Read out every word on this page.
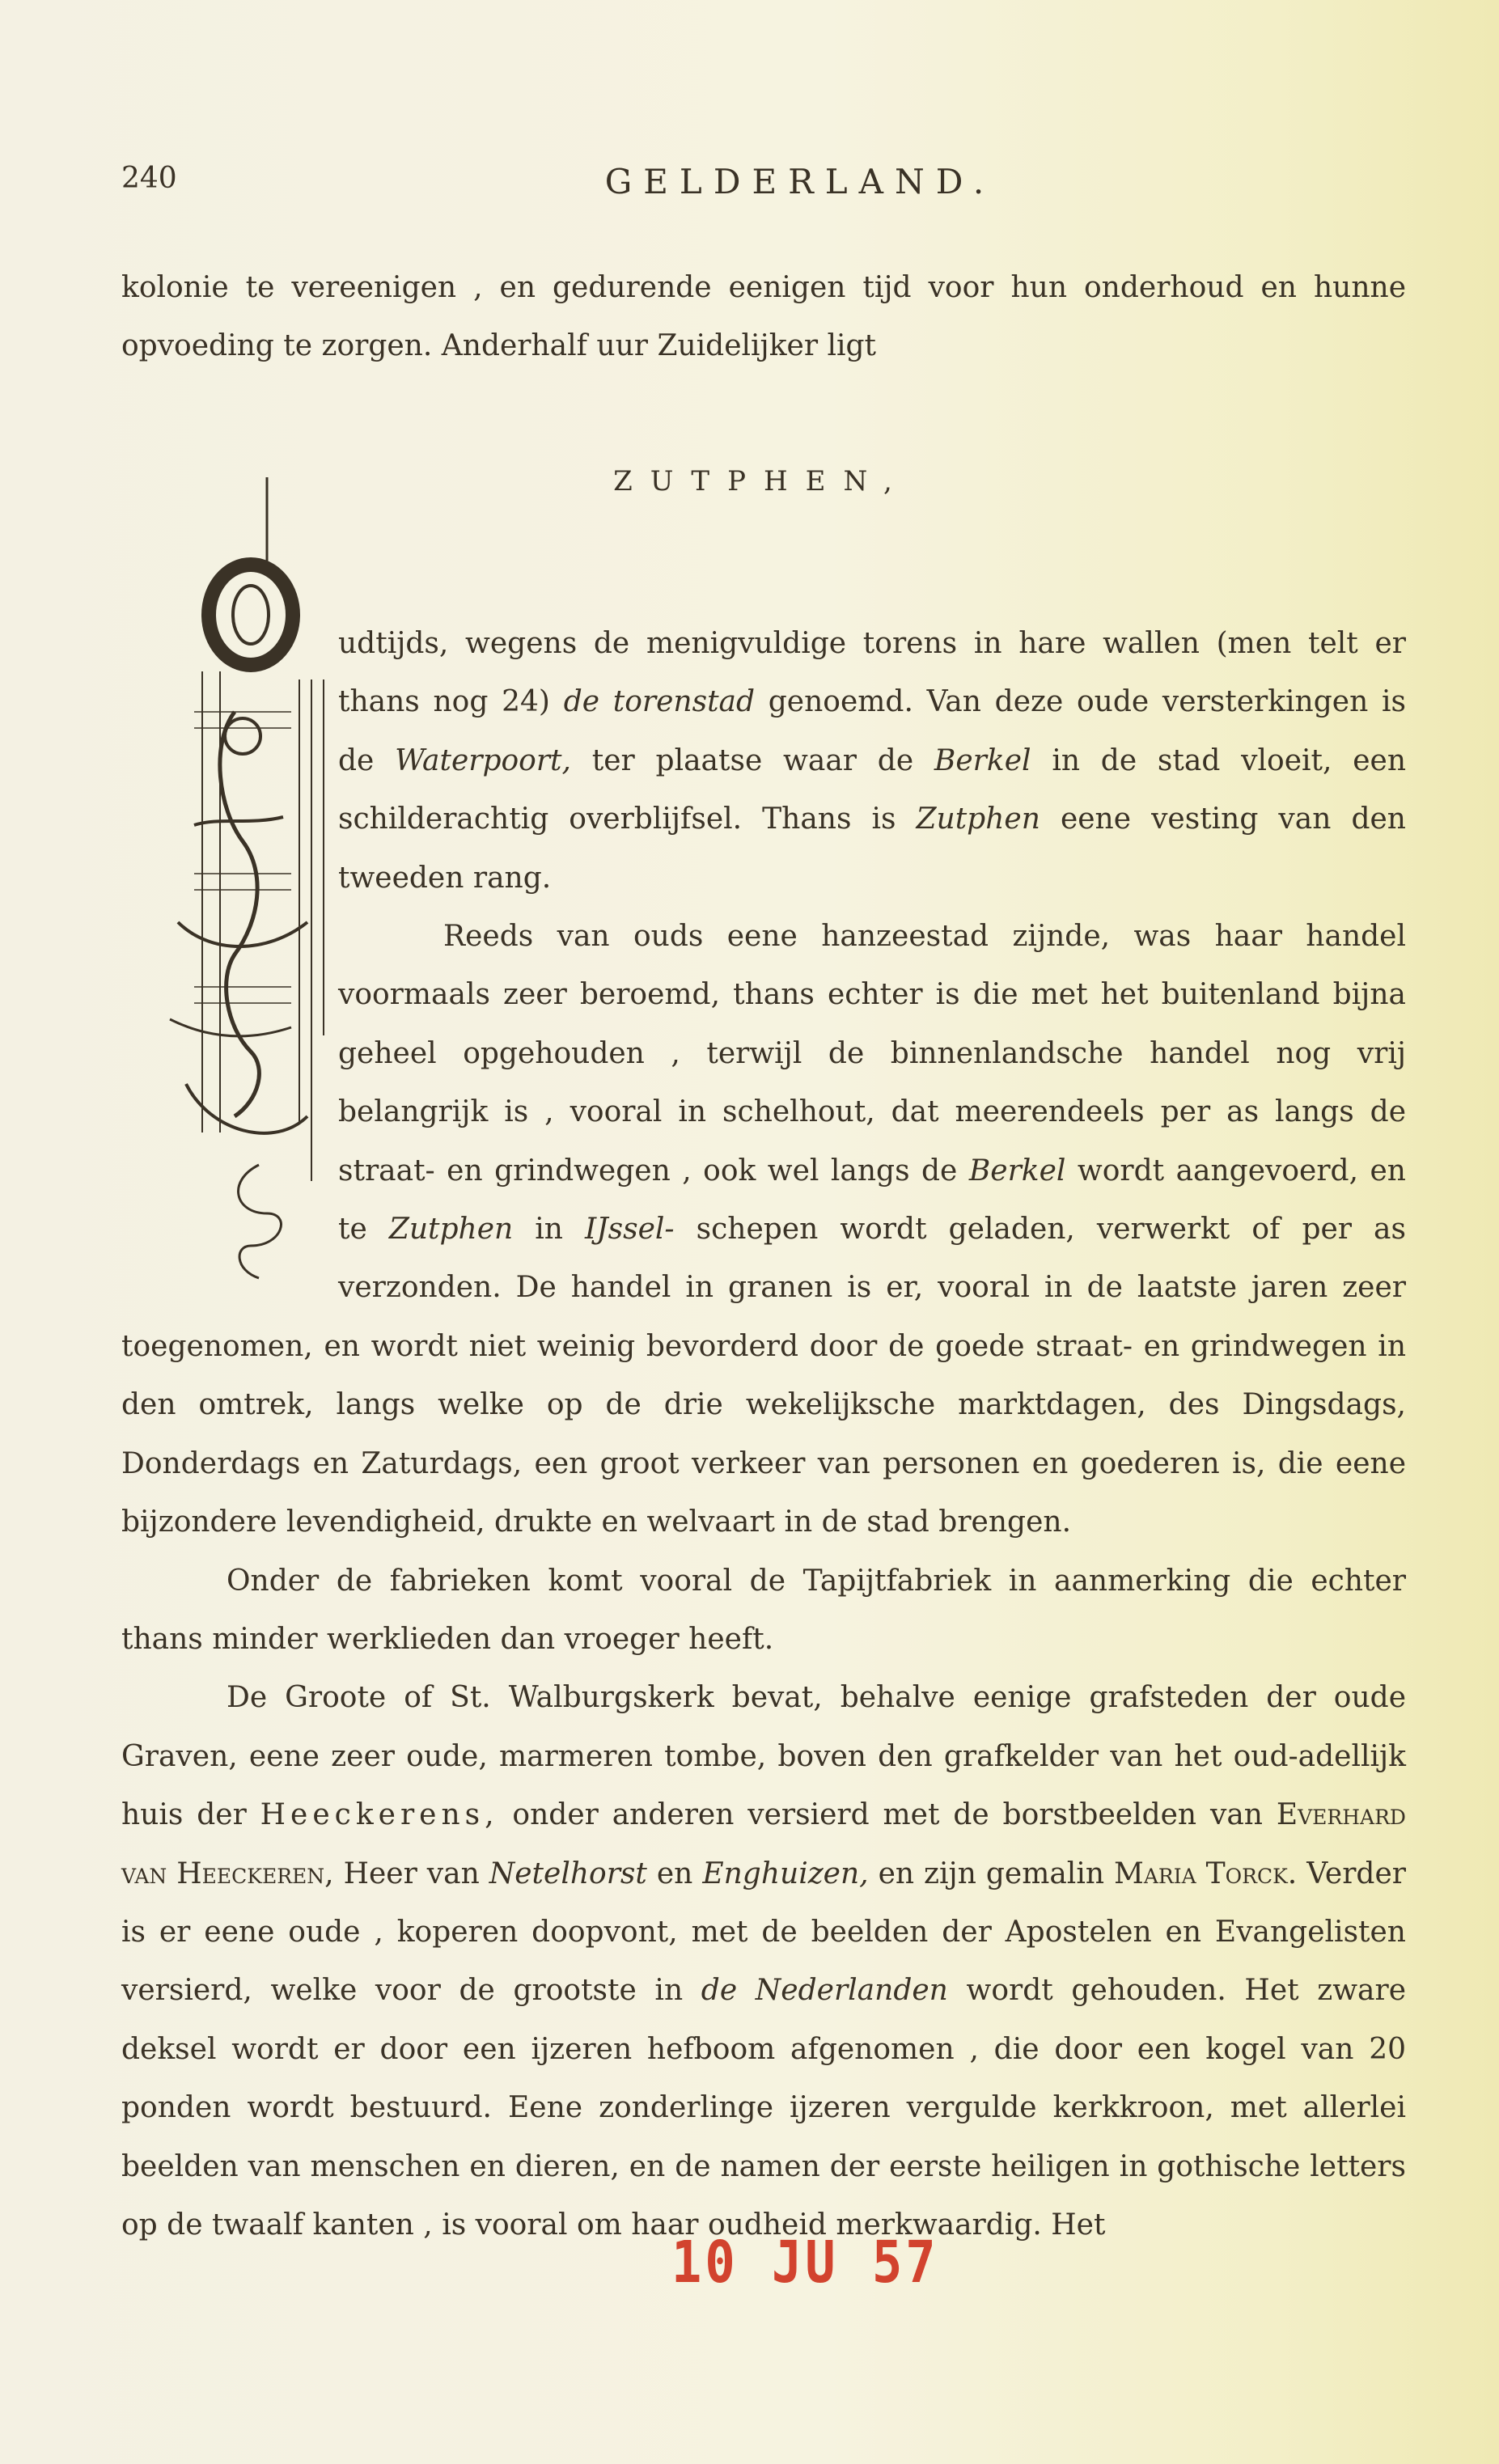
240	GELDERLAND.

kolonie te vereenigen , en gedurende eenigen tijd voor hun onderhoud en hunne opvoeding te zorgen. Anderhalf uur Zuidelijker ligt

ZUTPHEN,

udtijds, wegens de menigvuldige torens in hare wallen (men telt er thans nog 24) de torenstad genoemd. Van deze oude versterkingen is de Waterpoort, ter plaatse waar de Berkel in de stad vloeit, een schilderachtig overblijfsel. Thans is Zutphen eene vesting van den tweeden rang.

Reeds van ouds eene hanzeestad zijnde, was haar handel voormaals zeer beroemd, thans echter is die met het buitenland bijna geheel opgehouden , terwijl de binnenlandsche handel nog vrij belangrijk is , vooral in schelhout, dat meerendeels per as langs de straat- en grindwegen , ook wel langs de Berkel wordt aangevoerd, en te Zutphen in IJssel- schepen wordt geladen, verwerkt of per as verzonden. De handel in granen is er, vooral in de laatste jaren zeer toegenomen, en wordt niet weinig bevorderd door de goede straat- en grindwegen in den omtrek, langs welke op de drie wekelijksche marktdagen, des Dingsdags, Donderdags en Zaturdags, een groot verkeer van personen en goederen is, die eene bijzondere levendigheid, drukte en welvaart in de stad brengen.

Onder de fabrieken komt vooral de Tapijtfabriek in aanmerking die echter thans minder werklieden dan vroeger heeft.

De Groote of St. Walburgskerk bevat, behalve eenige grafsteden der oude Graven, eene zeer oude, marmeren tombe, boven den grafkelder van het oud-adellijk huis der Heeckerens, onder anderen versierd met de borstbeelden van Everhard van Heeckeren, Heer van Netelhorst en Enghuizen, en zijn gemalin Maria Torck. Verder is er eene oude , koperen doopvont, met de beelden der Apostelen en Evangelisten versierd, welke voor de grootste in de Nederlanden wordt gehouden. Het zware deksel wordt er door een ijzeren hefboom afgenomen , die door een kogel van 20 ponden wordt bestuurd. Eene zonderlinge ijzeren vergulde kerkkroon, met allerlei beelden van menschen en dieren, en de namen der eerste heiligen in gothische letters op de twaalf kanten , is vooral om haar oudheid merkwaardig. Het

10 JU 57
